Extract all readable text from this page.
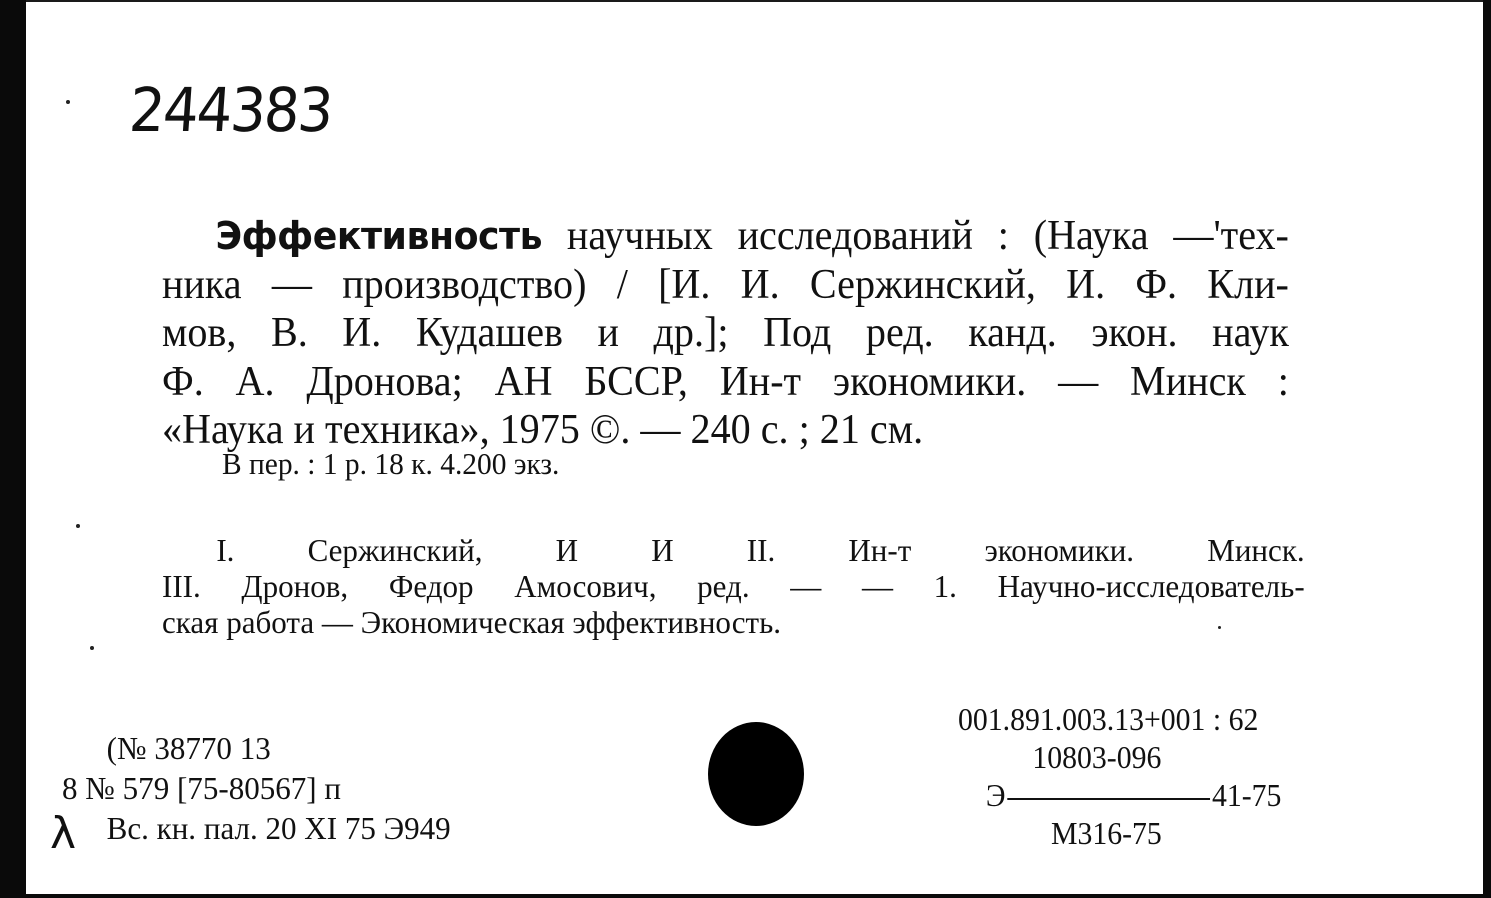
244383
Эффективность научных исследований : (Наука —'тех-
ника — производство) / [И. И. Сержинский, И. Ф. Кли-
мов, В. И. Кудашев и др.]; Под ред. канд. экон. наук
Ф. А. Дронова; АН БССР, Ин-т экономики. — Минск :
«Наука и техника», 1975 ©. — 240 с. ; 21 см.
В пер. : 1 р. 18 к. 4.200 экз.
I. Сержинский, И И II. Ин-т экономики. Минск.
III. Дронов, Федор Амосович, ред. — — 1. Научно-исследователь-
ская работа — Экономическая эффективность.
(№ 38770 13
8 № 579 [75-80567] п
Вс. кн. пал. 20 XI 75 Э949
λ
001.891.003.13+001 : 62
10803-096
Э	41-75
М316-75
